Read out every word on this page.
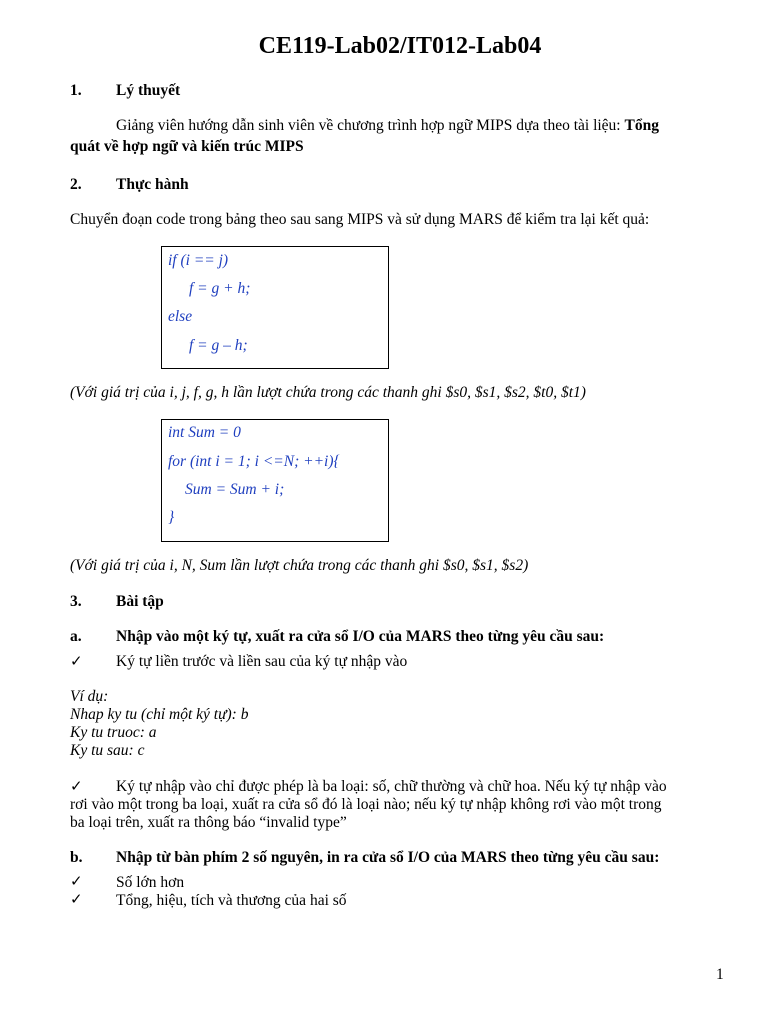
CE119-Lab02/IT012-Lab04
1. Lý thuyết
Giảng viên hướng dẫn sinh viên về chương trình hợp ngữ MIPS dựa theo tài liệu: Tổng
quát về hợp ngữ và kiến trúc MIPS
2. Thực hành
Chuyển đoạn code trong bảng theo sau sang MIPS và sử dụng MARS để kiểm tra lại kết quả:
if (i == j)
f = g + h;
else
f = g – h;
(Với giá trị của i, j, f, g, h lần lượt chứa trong các thanh ghi $s0, $s1, $s2, $t0, $t1)
int Sum = 0
for (int i = 1; i <=N; ++i){
Sum = Sum + i;
}
(Với giá trị của i, N, Sum lần lượt chứa trong các thanh ghi $s0, $s1, $s2)
3. Bài tập
a. Nhập vào một ký tự, xuất ra cửa sổ I/O của MARS theo từng yêu cầu sau:
✓ Ký tự liền trước và liền sau của ký tự nhập vào
Ví dụ:
Nhap ky tu (chỉ một ký tự): b
Ky tu truoc: a
Ky tu sau: c
✓ Ký tự nhập vào chỉ được phép là ba loại: số, chữ thường và chữ hoa. Nếu ký tự nhập vào
rơi vào một trong ba loại, xuất ra cửa sổ đó là loại nào; nếu ký tự nhập không rơi vào một trong
ba loại trên, xuất ra thông báo “invalid type”
b. Nhập từ bàn phím 2 số nguyên, in ra cửa sổ I/O của MARS theo từng yêu cầu sau:
✓ Số lớn hơn
✓ Tổng, hiệu, tích và thương của hai số
1
